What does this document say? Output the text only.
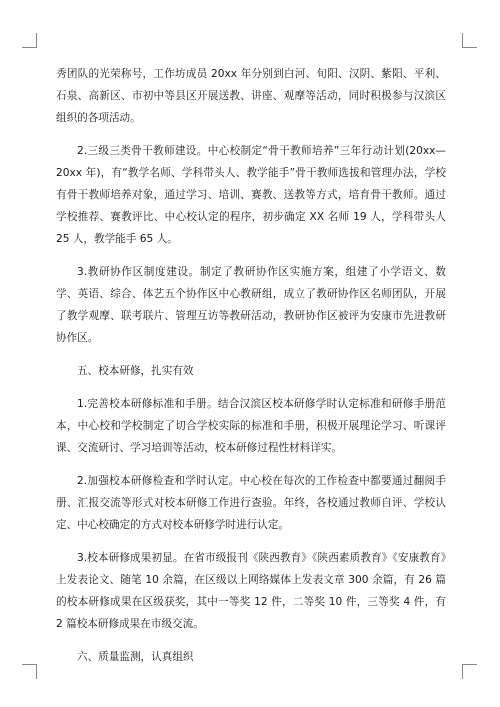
秀团队的光荣称号，工作坊成员 20xx 年分别到白河、旬阳、汉阴、紫阳、平利、石泉、高新区、市初中等县区开展送教、讲座、观摩等活动，同时积极参与汉滨区组织的各项活动。

2.三级三类骨干教师建设。中心校制定“骨干教师培养”三年行动计划(20xx—20xx 年)，有“教学名师、学科带头人、教学能手”骨干教师选拔和管理办法，学校有骨干教师培养对象，通过学习、培训、赛教、送教等方式，培育骨干教师。通过学校推荐、赛教评比、中心校认定的程序，初步确定 XX 名师 19 人，学科带头人 25 人，教学能手 65 人。

3.教研协作区制度建设。制定了教研协作区实施方案，组建了小学语文、数学、英语、综合、体艺五个协作区中心教研组，成立了教研协作区名师团队，开展了教学观摩、联考联片、管理互访等教研活动，教研协作区被评为安康市先进教研协作区。

五、校本研修，扎实有效

1.完善校本研修标准和手册。结合汉滨区校本研修学时认定标准和研修手册范本，中心校和学校制定了切合学校实际的标准和手册，积极开展理论学习、听课评课、交流研讨、学习培训等活动，校本研修过程性材料详实。

2.加强校本研修检查和学时认定。中心校在每次的工作检查中都要通过翻阅手册、汇报交流等形式对校本研修工作进行查验。年终，各校通过教师自评、学校认定、中心校确定的方式对校本研修学时进行认定。

3.校本研修成果初显。在省市级报刊《陕西教育》《陕西素质教育》《安康教育》上发表论文、随笔 10 余篇，在区级以上网络媒体上发表文章 300 余篇，有 26 篇的校本研修成果在区级获奖，其中一等奖 12 件，二等奖 10 件，三等奖 4 件，有 2 篇校本研修成果在市级交流。

六、质量监测，认真组织
